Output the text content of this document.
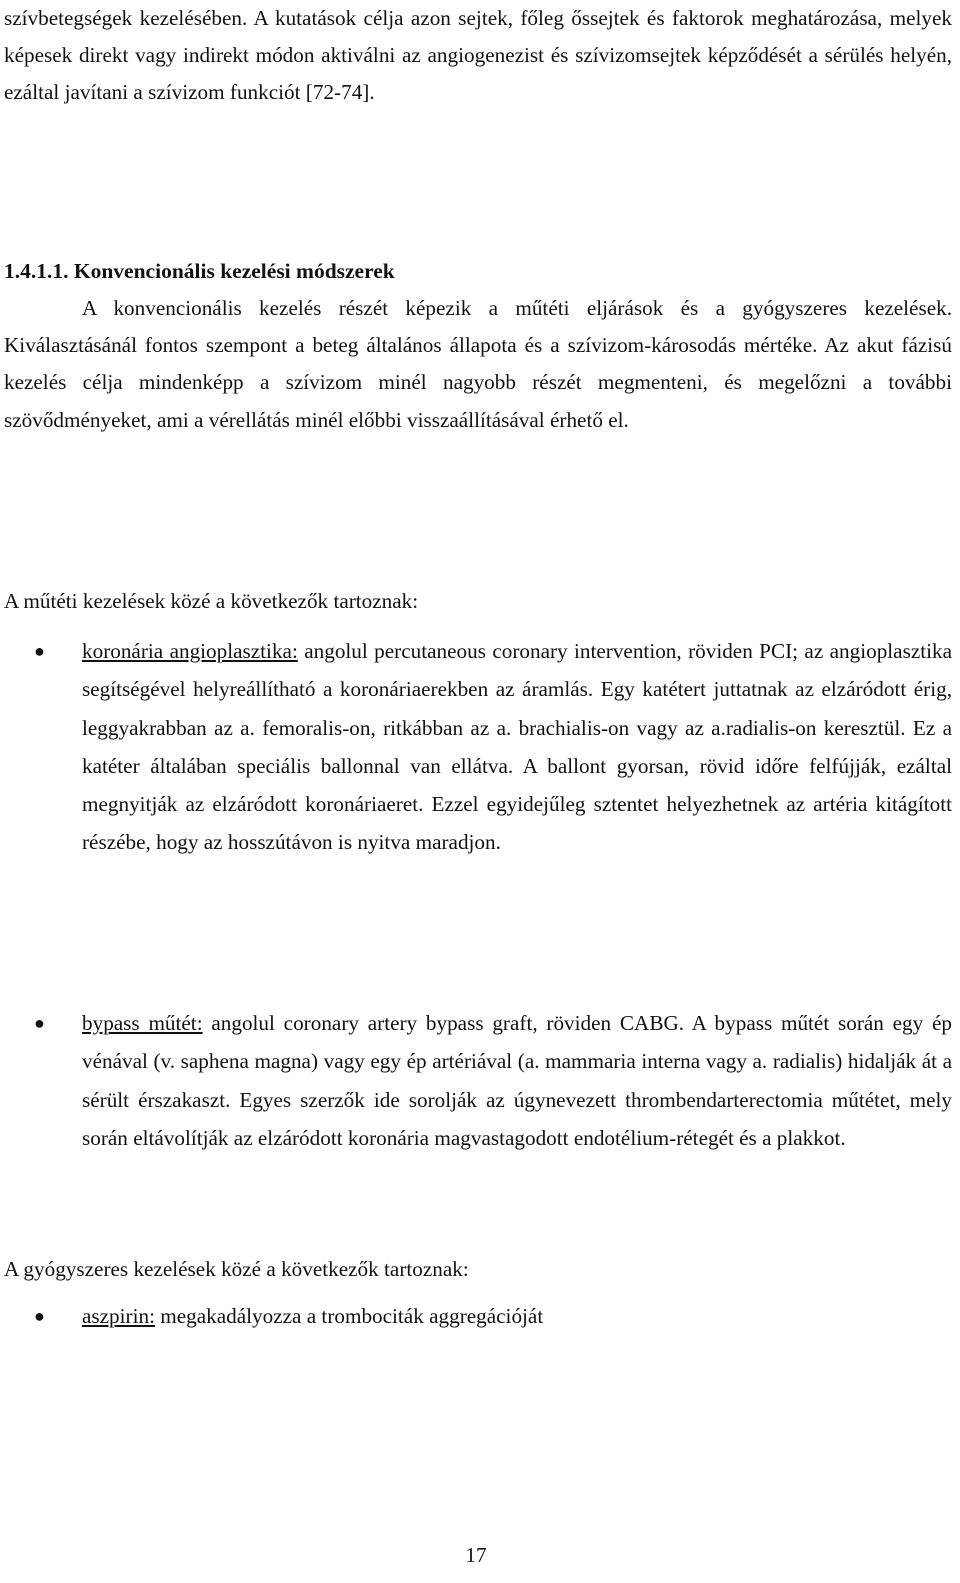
szívbetegségek kezelésében. A kutatások célja azon sejtek, főleg őssejtek és faktorok meghatározása, melyek képesek direkt vagy indirekt módon aktiválni az angiogenezist és szívizomsejtek képződését a sérülés helyén, ezáltal javítani a szívizom funkciót [72-74].

1.4.1.1. Konvencionális kezelési módszerek

A konvencionális kezelés részét képezik a műtéti eljárások és a gyógyszeres kezelések. Kiválasztásánál fontos szempont a beteg általános állapota és a szívizom-károsodás mértéke. Az akut fázisú kezelés célja mindenképp a szívizom minél nagyobb részét megmenteni, és megelőzni a további szövődményeket, ami a vérellátás minél előbbi visszaállításával érhető el.

A műtéti kezelések közé a következők tartoznak:

● koronária angioplasztika: angolul percutaneous coronary intervention, röviden PCI; az angioplasztika segítségével helyreállítható a koronáriaerekben az áramlás. Egy katétert juttatnak az elzáródott érig, leggyakrabban az a. femoralis-on, ritkábban az a. brachialis-on vagy az a.radialis-on keresztül. Ez a katéter általában speciális ballonnal van ellátva. A ballont gyorsan, rövid időre felfújják, ezáltal megnyitják az elzáródott koronáriaeret. Ezzel egyidejűleg sztentet helyezhetnek az artéria kitágított részébe, hogy az hosszútávon is nyitva maradjon.
● bypass műtét: angolul coronary artery bypass graft, röviden CABG. A bypass műtét során egy ép vénával (v. saphena magna) vagy egy ép artériával (a. mammaria interna vagy a. radialis) hidalják át a sérült érszakaszt. Egyes szerzők ide sorolják az úgynevezett thrombendarterectomia műtétet, mely során eltávolítják az elzáródott koronária magvastagodott endotélium-rétegét és a plakkot.

A gyógyszeres kezelések közé a következők tartoznak:

● aszpirin: megakadályozza a trombociták aggregációját
17
